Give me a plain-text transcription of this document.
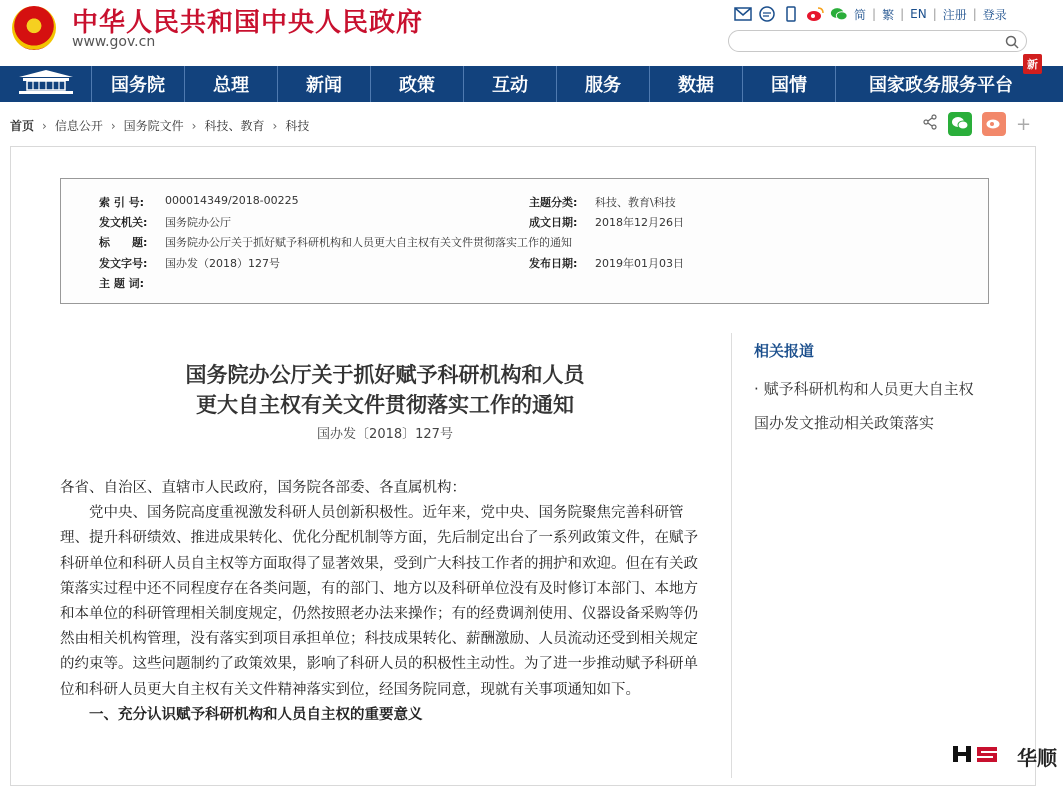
中华人民共和国中央人民政府
www.gov.cn
简 | 繁 | EN | 注册 | 登录
国务院	总理	新闻	政策	互动	服务	数据	国情	国家政务服务平台
新
首页 › 信息公开 › 国务院文件 › 科技、教育 › 科技	+
索 引 号:	000014349/2018-00225	主题分类:	科技、教育\科技
发文机关:	国务院办公厅	成文日期:	2018年12月26日
标　　题:	国务院办公厅关于抓好赋予科研机构和人员更大自主权有关文件贯彻落实工作的通知
发文字号:	国办发（2018）127号	发布日期:	2019年01月03日
主 题 词:
相关报道
· 赋予科研机构和人员更大自主权 国办发文推动相关政策落实
国务院办公厅关于抓好赋予科研机构和人员
更大自主权有关文件贯彻落实工作的通知
国办发〔2018〕127号

各省、自治区、直辖市人民政府，国务院各部委、各直属机构：

党中央、国务院高度重视激发科研人员创新积极性。近年来，党中央、国务院聚焦完善科研管理、提升科研绩效、推进成果转化、优化分配机制等方面，先后制定出台了一系列政策文件，在赋予科研单位和科研人员自主权等方面取得了显著效果，受到广大科技工作者的拥护和欢迎。但在有关政策落实过程中还不同程度存在各类问题，有的部门、地方以及科研单位没有及时修订本部门、本地方和本单位的科研管理相关制度规定，仍然按照老办法来操作；有的经费调剂使用、仪器设备采购等仍然由相关机构管理，没有落实到项目承担单位；科技成果转化、薪酬激励、人员流动还受到相关规定的约束等。这些问题制约了政策效果，影响了科研人员的积极性主动性。为了进一步推动赋予科研单位和科研人员更大自主权有关文件精神落实到位，经国务院同意，现就有关事项通知如下。

一、充分认识赋予科研机构和人员自主权的重要意义

华顺
